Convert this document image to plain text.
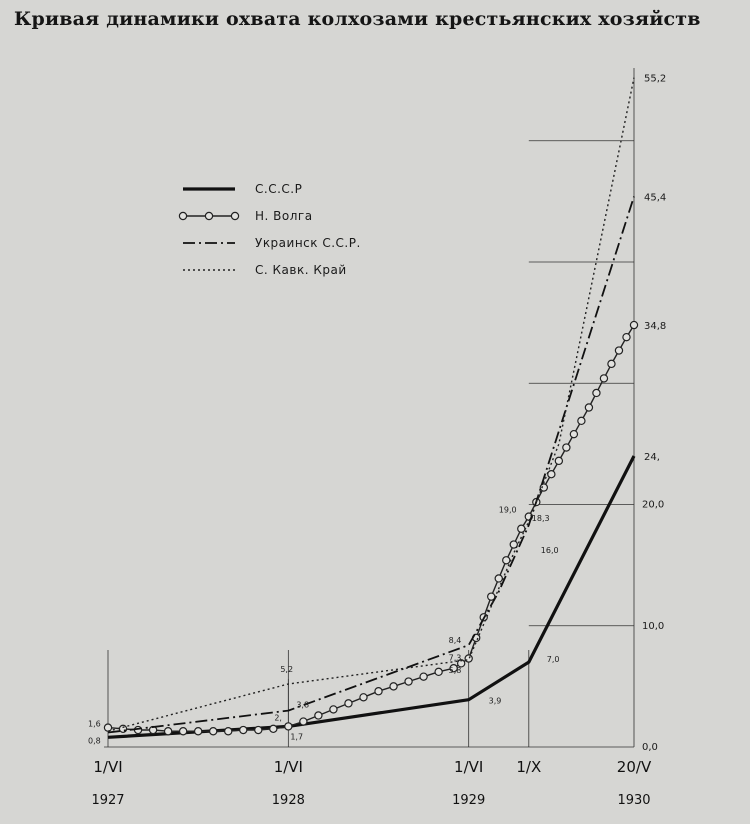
Кривая динамики охвата колхозами крестьянских хозяйств
0,0
10,0
20,0
1/VI
1927
1/VI
1928
1/VI
1929
1/X	20/V
1930
24,
34,8
45,4
55,2
1,6
0,8
5,2
2,
3,8
1,7
8,4
7,3
5,8
3,9
19,0
18,3
16,0
7,0
С.С.С.Р
Н. Волга
Украинск С.С.Р.
С. Кавк. Край
